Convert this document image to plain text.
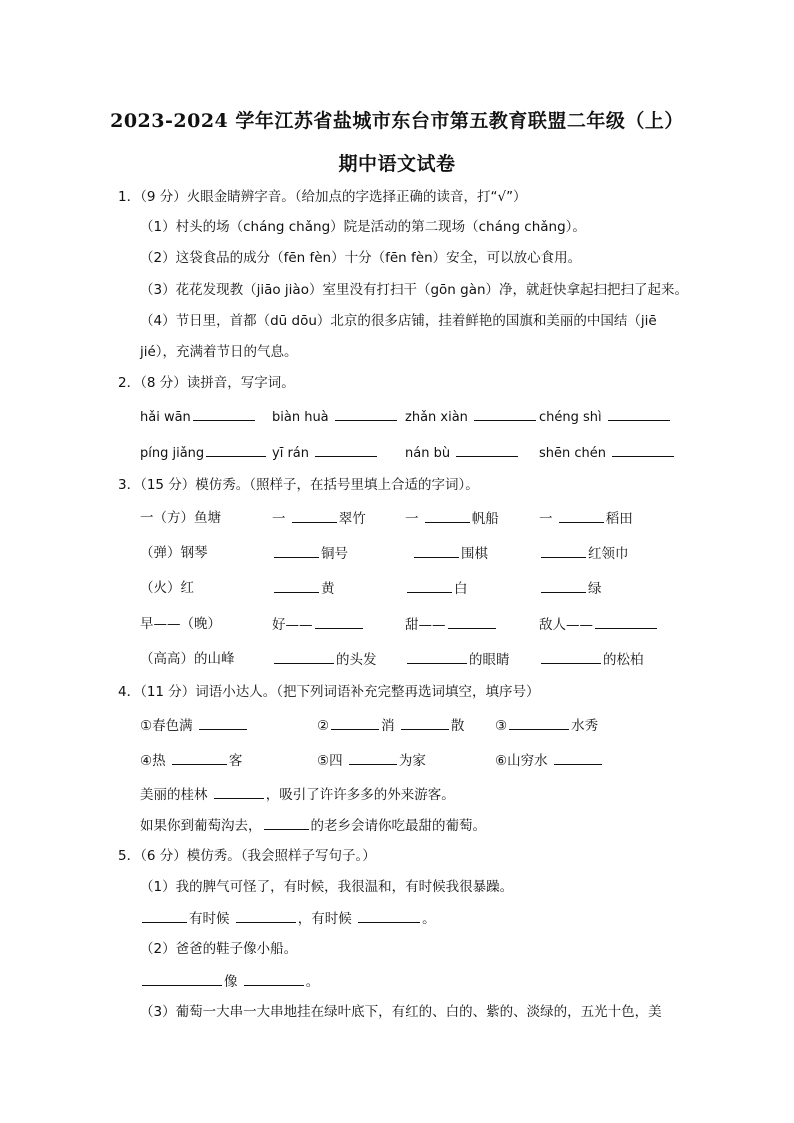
2023-2024 学年江苏省盐城市东台市第五教育联盟二年级（上）
期中语文试卷
1．（9 分）火眼金睛辨字音。（给加点的字选择正确的读音，打“√”）
（1）村头的场（cháng chǎng）院是活动的第二现场（cháng chǎng）。
（2）这袋食品的成分（fēn fèn）十分（fēn fèn）安全，可以放心食用。
（3）花花发现教（jiāo jiào）室里没有打扫干（gōn gàn）净，就赶快拿起扫把扫了起来。
（4）节日里，首都（dū dōu）北京的很多店铺，挂着鲜艳的国旗和美丽的中国结（jiē
jié），充满着节日的气息。
2．（8 分）读拼音，写字词。
hǎi wān	biàn huà	zhǎn xiàn	chéng shì
píng jiǎng	yī rán	nán bù	shēn chén
3．（15 分）模仿秀。（照样子，在括号里填上合适的字词）。
一（方）鱼塘	一	翠竹	一	帆船	一	稻田
（弹）钢琴	铜号	围棋	红领巾
（火）红	黄	白	绿
早——（晚）	好——	甜——	敌人——
（高高）的山峰	的头发	的眼睛	的松柏
4．（11 分）词语小达人。（把下列词语补充完整再选词填空，填序号）
①春色满	②	消	散 ③	水秀
④热	客	⑤四	为家	⑥山穷水
美丽的桂林	，吸引了许许多多的外来游客。
如果你到葡萄沟去，	的老乡会请你吃最甜的葡萄。
5．（6 分）模仿秀。（我会照样子写句子。）
（1）我的脾气可怪了，有时候，我很温和，有时候我很暴躁。
有时候	，有时候	。
（2）爸爸的鞋子像小船。
像	。
（3）葡萄一大串一大串地挂在绿叶底下，有红的、白的、紫的、淡绿的，五光十色，美
